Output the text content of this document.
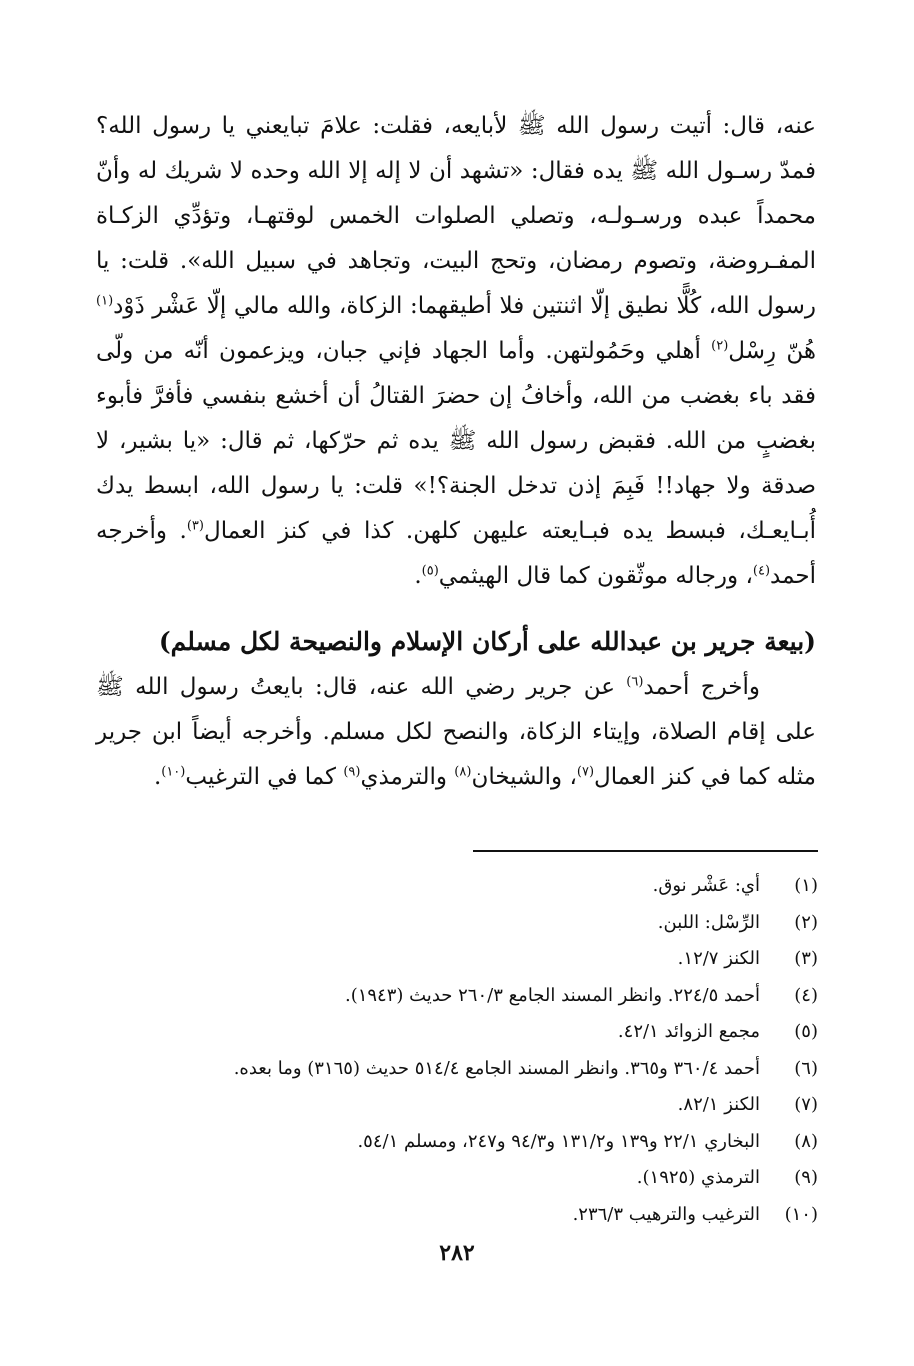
عنه، قال: أتيت رسول الله ﷺ لأبايعه، فقلت: علامَ تبايعني يا رسول الله؟ فمدّ رسـول الله ﷺ يده فقال: «تشهد أن لا إله إلا الله وحده لا شريك له وأنّ محمداً عبده ورسـولـه، وتصلي الصلوات الخمس لوقتهـا، وتؤدِّي الزكـاة المفـروضة، وتصوم رمضان، وتحج البيت، وتجاهد في سبيل الله». قلت: يا رسول الله، كُلًّا نطيق إلّا اثنتين فلا أطيقهما: الزكاة، والله مالي إلّا عَشْر ذَوْد$^{(١)}$ هُنّ رِسْل$^{(٢)}$ أهلي وحَمُولتهن. وأما الجهاد فإني جبان، ويزعمون أنّه من ولّى فقد باء بغضب من الله، وأخافُ إن حضرَ القتالُ أن أخشع بنفسي فأفرَّ فأبوء بغضبٍ من الله. فقبض رسول الله ﷺ يده ثم حرّكها، ثم قال: «يا بشير، لا صدقة ولا جهاد!! فَبِمَ إذن تدخل الجنة؟!» قلت: يا رسول الله، ابسط يدك أُبـايعـك، فبسط يده فبـايعته عليهن كلهن. كذا في كنز العمال$^{(٣)}$. وأخرجه أحمد$^{(٤)}$، ورجاله موثّقون كما قال الهيثمي$^{(٥)}$.

(بيعة جرير بن عبدالله على أركان الإسلام والنصيحة لكل مسلم)

وأخرج أحمد$^{(٦)}$ عن جرير رضي الله عنه، قال: بايعتُ رسول الله ﷺ على إقام الصلاة، وإيتاء الزكاة، والنصح لكل مسلم. وأخرجه أيضاً ابن جرير مثله كما في كنز العمال$^{(٧)}$، والشيخان$^{(٨)}$ والترمذي$^{(٩)}$ كما في الترغيب$^{(١٠)}$.

(١)
أي: عَشْر نوق.
(٢)
الرِّسْل: اللبن.
(٣)
الكنز ١٢/٧.
(٤)
أحمد ٢٢٤/٥. وانظر المسند الجامع ٢٦٠/٣ حديث (١٩٤٣).
(٥)
مجمع الزوائد ٤٢/١.
(٦)
أحمد ٣٦٠/٤ و٣٦٥. وانظر المسند الجامع ٥١٤/٤ حديث (٣١٦٥) وما بعده.
(٧)
الكنز ٨٢/١.
(٨)
البخاري ٢٢/١ و١٣٩ و١٣١/٢ و٩٤/٣ و٢٤٧، ومسلم ٥٤/١.
(٩)
الترمذي (١٩٢٥).
(١٠)
الترغيب والترهيب ٢٣٦/٣.
٢٨٢
